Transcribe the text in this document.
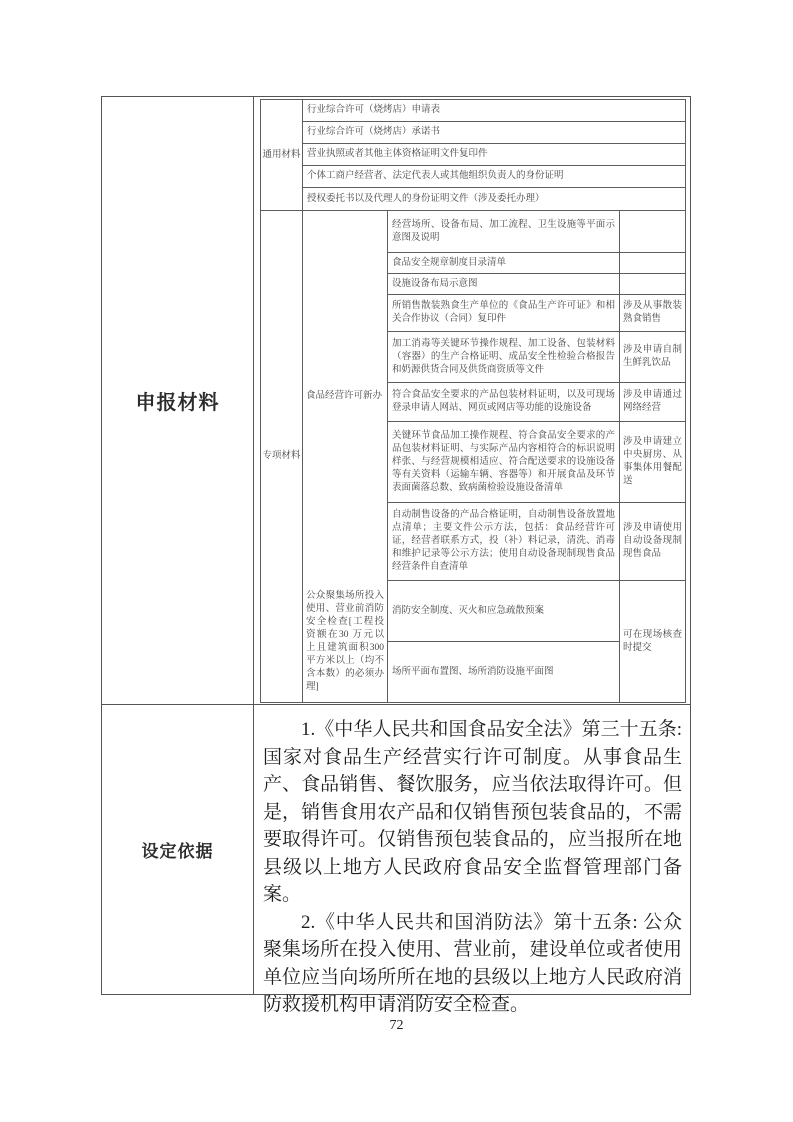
申报材料
通用材料
行业综合许可（烧烤店）申请表
行业综合许可（烧烤店）承诺书
营业执照或者其他主体资格证明文件复印件
个体工商户经营者、法定代表人或其他组织负责人的身份证明
授权委托书以及代理人的身份证明文件（涉及委托办理）
专项材料
食品经营许可新办
经营场所、设备布局、加工流程、卫生设施等平面示意图及说明
食品安全规章制度目录清单
设施设备布局示意图
所销售散装熟食生产单位的《食品生产许可证》和相关合作协议（合同）复印件
涉及从事散装熟食销售
加工消毒等关键环节操作规程、加工设备、包装材料（容器）的生产合格证明、成品安全性检验合格报告和奶源供货合同及供货商资质等文件
涉及申请自制生鲜乳饮品
符合食品安全要求的产品包装材料证明，以及可现场登录申请人网站、网页或网店等功能的设施设备
涉及申请通过网络经营
关键环节食品加工操作规程、符合食品安全要求的产品包装材料证明、与实际产品内容相符合的标识说明样张、与经营规模相适应、符合配送要求的设施设备等有关资料（运输车辆、容器等）和开展食品及环节表面菌落总数、致病菌检验设施设备清单
涉及申请建立中央厨房、从事集体用餐配送
自动制售设备的产品合格证明，自动制售设备放置地点清单；主要文件公示方法，包括：食品经营许可证，经营者联系方式，投（补）料记录，清洗、消毒和维护记录等公示方法；使用自动设备现制现售食品经营条件自查清单
涉及申请使用自动设备现制现售食品
公众聚集场所投入使用、营业前消防安全检查[工程投资额在30 万元以上且建筑面积300平方米以上（均不含本数）的必须办理]
消防安全制度、灭火和应急疏散预案
场所平面布置图、场所消防设施平面图
可在现场核查时提交
设定依据

1.《中华人民共和国食品安全法》第三十五条: 国家对食品生产经营实行许可制度。从事食品生产、食品销售、餐饮服务，应当依法取得许可。但是，销售食用农产品和仅销售预包装食品的，不需要取得许可。仅销售预包装食品的，应当报所在地县级以上地方人民政府食品安全监督管理部门备案。

2.《中华人民共和国消防法》第十五条: 公众聚集场所在投入使用、营业前，建设单位或者使用单位应当向场所所在地的县级以上地方人民政府消防救援机构申请消防安全检查。

72
